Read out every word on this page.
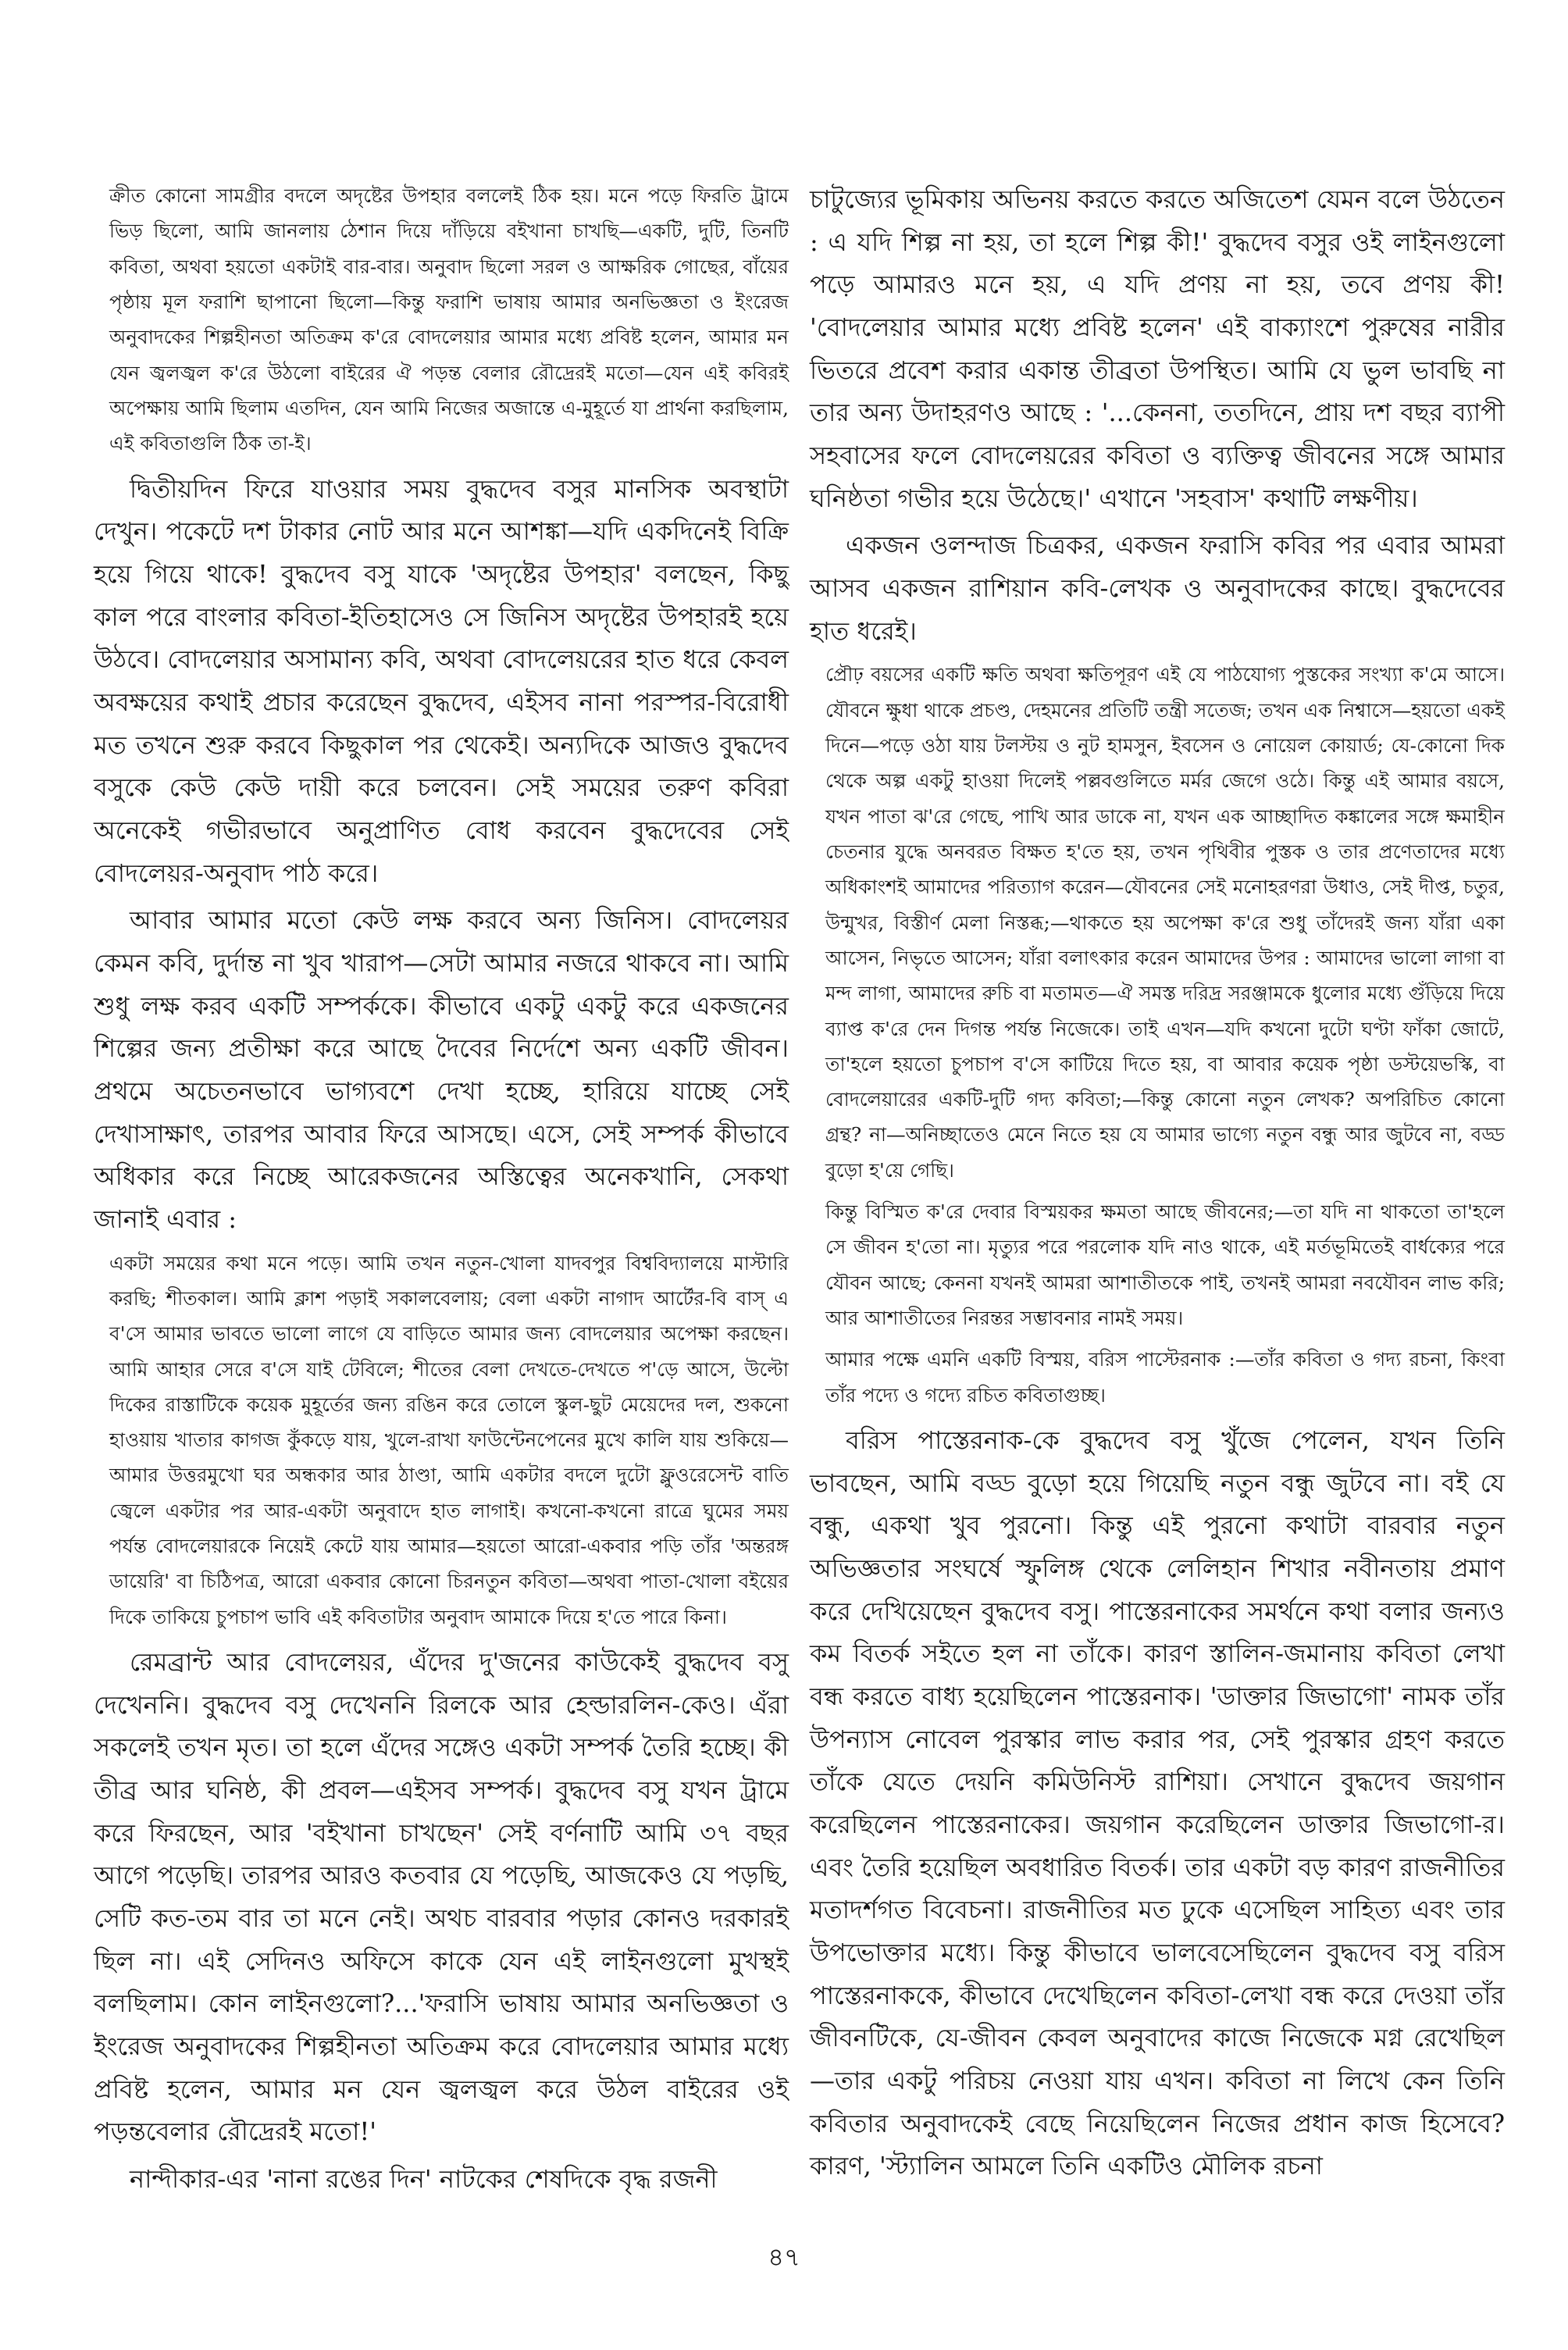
ক্রীত কোনো সামগ্রীর বদলে অদৃষ্টের উপহার বললেই ঠিক হয়। মনে পড়ে ফিরতি ট্রামে ভিড় ছিলো, আমি জানলায় ঠেশান দিয়ে দাঁড়িয়ে বইখানা চাখছি—একটি, দুটি, তিনটি কবিতা, অথবা হয়তো একটাই বার-বার। অনুবাদ ছিলো সরল ও আক্ষরিক গোছের, বাঁয়ের পৃষ্ঠায় মূল ফরাশি ছাপানো ছিলো—কিন্তু ফরাশি ভাষায় আমার অনভিজ্ঞতা ও ইংরেজ অনুবাদকের শিল্পহীনতা অতিক্রম ক'রে বোদলেয়ার আমার মধ্যে প্রবিষ্ট হলেন, আমার মন যেন জ্বলজ্বল ক'রে উঠলো বাইরের ঐ পড়ন্ত বেলার রৌদ্রেরই মতো—যেন এই কবিরই অপেক্ষায় আমি ছিলাম এতদিন, যেন আমি নিজের অজান্তে এ-মুহূর্তে যা প্রার্থনা করছিলাম, এই কবিতাগুলি ঠিক তা-ই।

দ্বিতীয়দিন ফিরে যাওয়ার সময় বুদ্ধদেব বসুর মানসিক অবস্থাটা দেখুন। পকেটে দশ টাকার নোট আর মনে আশঙ্কা—যদি একদিনেই বিক্রি হয়ে গিয়ে থাকে! বুদ্ধদেব বসু যাকে 'অদৃষ্টের উপহার' বলছেন, কিছু কাল পরে বাংলার কবিতা-ইতিহাসেও সে জিনিস অদৃষ্টের উপহারই হয়ে উঠবে। বোদলেয়ার অসামান্য কবি, অথবা বোদলেয়রের হাত ধরে কেবল অবক্ষয়ের কথাই প্রচার করেছেন বুদ্ধদেব, এইসব নানা পরস্পর-বিরোধী মত তখনে শুরু করবে কিছুকাল পর থেকেই। অন্যদিকে আজও বুদ্ধদেব বসুকে কেউ কেউ দায়ী করে চলবেন। সেই সময়ের তরুণ কবিরা অনেকেই গভীরভাবে অনুপ্রাণিত বোধ করবেন বুদ্ধদেবের সেই বোদলেয়র-অনুবাদ পাঠ করে।

আবার আমার মতো কেউ লক্ষ করবে অন্য জিনিস। বোদলেয়র কেমন কবি, দুর্দান্ত না খুব খারাপ—সেটা আমার নজরে থাকবে না। আমি শুধু লক্ষ করব একটি সম্পর্ককে। কীভাবে একটু একটু করে একজনের শিল্পের জন্য প্রতীক্ষা করে আছে দৈবের নির্দেশে অন্য একটি জীবন। প্রথমে অচেতনভাবে ভাগ্যবশে দেখা হচ্ছে, হারিয়ে যাচ্ছে সেই দেখাসাক্ষাৎ, তারপর আবার ফিরে আসছে। এসে, সেই সম্পর্ক কীভাবে অধিকার করে নিচ্ছে আরেকজনের অস্তিত্বের অনেকখানি, সেকথা জানাই এবার :

একটা সময়ের কথা মনে পড়ে। আমি তখন নতুন-খোলা যাদবপুর বিশ্ববিদ্যালয়ে মাস্টারি করছি; শীতকাল। আমি ক্লাশ পড়াই সকালবেলায়; বেলা একটা নাগাদ আর্টের-বি বাস্ এ ব'সে আমার ভাবতে ভালো লাগে যে বাড়িতে আমার জন্য বোদলেয়ার অপেক্ষা করছেন। আমি আহার সেরে ব'সে যাই টেবিলে; শীতের বেলা দেখতে-দেখতে প'ড়ে আসে, উল্টো দিকের রাস্তাটিকে কয়েক মুহূর্তের জন্য রঙিন করে তোলে স্কুল-ছুট মেয়েদের দল, শুকনো হাওয়ায় খাতার কাগজ কুঁকড়ে যায়, খুলে-রাখা ফাউন্টেনপেনের মুখে কালি যায় শুকিয়ে—আমার উত্তরমুখো ঘর অন্ধকার আর ঠাণ্ডা, আমি একটার বদলে দুটো ফ্লুওরেসেন্ট বাতি জ্বেলে একটার পর আর-একটা অনুবাদে হাত লাগাই। কখনো-কখনো রাত্রে ঘুমের সময় পর্যন্ত বোদলেয়ারকে নিয়েই কেটে যায় আমার—হয়তো আরো-একবার পড়ি তাঁর 'অন্তরঙ্গ ডায়েরি' বা চিঠিপত্র, আরো একবার কোনো চিরনতুন কবিতা—অথবা পাতা-খোলা বইয়ের দিকে তাকিয়ে চুপচাপ ভাবি এই কবিতাটার অনুবাদ আমাকে দিয়ে হ'তে পারে কিনা।

রেমব্রান্ট আর বোদলেয়র, এঁদের দু'জনের কাউকেই বুদ্ধদেব বসু দেখেননি। বুদ্ধদেব বসু দেখেননি রিলকে আর হেল্ডারলিন-কেও। এঁরা সকলেই তখন মৃত। তা হলে এঁদের সঙ্গেও একটা সম্পর্ক তৈরি হচ্ছে। কী তীব্র আর ঘনিষ্ঠ, কী প্রবল—এইসব সম্পর্ক। বুদ্ধদেব বসু যখন ট্রামে করে ফিরছেন, আর 'বইখানা চাখছেন' সেই বর্ণনাটি আমি ৩৭ বছর আগে পড়েছি। তারপর আরও কতবার যে পড়েছি, আজকেও যে পড়ছি, সেটি কত-তম বার তা মনে নেই। অথচ বারবার পড়ার কোনও দরকারই ছিল না। এই সেদিনও অফিসে কাকে যেন এই লাইনগুলো মুখস্থই বলছিলাম। কোন লাইনগুলো?...'ফরাসি ভাষায় আমার অনভিজ্ঞতা ও ইংরেজ অনুবাদকের শিল্পহীনতা অতিক্রম করে বোদলেয়ার আমার মধ্যে প্রবিষ্ট হলেন, আমার মন যেন জ্বলজ্বল করে উঠল বাইরের ওই পড়ন্তবেলার রৌদ্রেরই মতো!'

নান্দীকার-এর 'নানা রঙের দিন' নাটকের শেষদিকে বৃদ্ধ রজনী

চাটুজ্যের ভূমিকায় অভিনয় করতে করতে অজিতেশ যেমন বলে উঠতেন : এ যদি শিল্প না হয়, তা হলে শিল্প কী!' বুদ্ধদেব বসুর ওই লাইনগুলো পড়ে আমারও মনে হয়, এ যদি প্রণয় না হয়, তবে প্রণয় কী! 'বোদলেয়ার আমার মধ্যে প্রবিষ্ট হলেন' এই বাক্যাংশে পুরুষের নারীর ভিতরে প্রবেশ করার একান্ত তীব্রতা উপস্থিত। আমি যে ভুল ভাবছি না তার অন্য উদাহরণও আছে : '...কেননা, ততদিনে, প্রায় দশ বছর ব্যাপী সহবাসের ফলে বোদলেয়রের কবিতা ও ব্যক্তিত্ব জীবনের সঙ্গে আমার ঘনিষ্ঠতা গভীর হয়ে উঠেছে।' এখানে 'সহবাস' কথাটি লক্ষণীয়।

একজন ওলন্দাজ চিত্রকর, একজন ফরাসি কবির পর এবার আমরা আসব একজন রাশিয়ান কবি-লেখক ও অনুবাদকের কাছে। বুদ্ধদেবের হাত ধরেই।

প্রৌঢ় বয়সের একটি ক্ষতি অথবা ক্ষতিপূরণ এই যে পাঠযোগ্য পুস্তকের সংখ্যা ক'মে আসে। যৌবনে ক্ষুধা থাকে প্রচণ্ড, দেহমনের প্রতিটি তন্ত্রী সতেজ; তখন এক নিশ্বাসে—হয়তো একই দিনে—পড়ে ওঠা যায় টলস্টয় ও নুট হামসুন, ইবসেন ও নোয়েল কোয়ার্ড; যে-কোনো দিক থেকে অল্প একটু হাওয়া দিলেই পল্লবগুলিতে মর্মর জেগে ওঠে। কিন্তু এই আমার বয়সে, যখন পাতা ঝ'রে গেছে, পাখি আর ডাকে না, যখন এক আচ্ছাদিত কঙ্কালের সঙ্গে ক্ষমাহীন চেতনার যুদ্ধে অনবরত বিক্ষত হ'তে হয়, তখন পৃথিবীর পুস্তক ও তার প্রণেতাদের মধ্যে অধিকাংশই আমাদের পরিত্যাগ করেন—যৌবনের সেই মনোহরণরা উধাও, সেই দীপ্ত, চতুর, উন্মুখর, বিস্তীর্ণ মেলা নিস্তব্ধ;—থাকতে হয় অপেক্ষা ক'রে শুধু তাঁদেরই জন্য যাঁরা একা আসেন, নিভৃতে আসেন; যাঁরা বলাৎকার করেন আমাদের উপর : আমাদের ভালো লাগা বা মন্দ লাগা, আমাদের রুচি বা মতামত—ঐ সমস্ত দরিদ্র সরঞ্জামকে ধুলোর মধ্যে গুঁড়িয়ে দিয়ে ব্যাপ্ত ক'রে দেন দিগন্ত পর্যন্ত নিজেকে। তাই এখন—যদি কখনো দুটো ঘণ্টা ফাঁকা জোটে, তা'হলে হয়তো চুপচাপ ব'সে কাটিয়ে দিতে হয়, বা আবার কয়েক পৃষ্ঠা ডস্টয়েভস্কি, বা বোদলেয়ারের একটি-দুটি গদ্য কবিতা;—কিন্তু কোনো নতুন লেখক? অপরিচিত কোনো গ্রন্থ? না—অনিচ্ছাতেও মেনে নিতে হয় যে আমার ভাগ্যে নতুন বন্ধু আর জুটবে না, বড্ড বুড়ো হ'য়ে গেছি।

কিন্তু বিস্মিত ক'রে দেবার বিস্ময়কর ক্ষমতা আছে জীবনের;—তা যদি না থাকতো তা'হলে সে জীবন হ'তো না। মৃত্যুর পরে পরলোক যদি নাও থাকে, এই মর্তভূমিতেই বার্ধক্যের পরে যৌবন আছে; কেননা যখনই আমরা আশাতীতকে পাই, তখনই আমরা নবযৌবন লাভ করি; আর আশাতীতের নিরন্তর সম্ভাবনার নামই সময়।

আমার পক্ষে এমনি একটি বিস্ময়, বরিস পাস্টেরনাক :—তাঁর কবিতা ও গদ্য রচনা, কিংবা তাঁর পদ্যে ও গদ্যে রচিত কবিতাগুচ্ছ।

বরিস পাস্তেরনাক-কে বুদ্ধদেব বসু খুঁজে পেলেন, যখন তিনি ভাবছেন, আমি বড্ড বুড়ো হয়ে গিয়েছি নতুন বন্ধু জুটবে না। বই যে বন্ধু, একথা খুব পুরনো। কিন্তু এই পুরনো কথাটা বারবার নতুন অভিজ্ঞতার সংঘর্ষে স্ফুলিঙ্গ থেকে লেলিহান শিখার নবীনতায় প্রমাণ করে দেখিয়েছেন বুদ্ধদেব বসু। পাস্তেরনাকের সমর্থনে কথা বলার জন্যও কম বিতর্ক সইতে হল না তাঁকে। কারণ স্তালিন-জমানায় কবিতা লেখা বন্ধ করতে বাধ্য হয়েছিলেন পাস্তেরনাক। 'ডাক্তার জিভাগো' নামক তাঁর উপন্যাস নোবেল পুরস্কার লাভ করার পর, সেই পুরস্কার গ্রহণ করতে তাঁকে যেতে দেয়নি কমিউনিস্ট রাশিয়া। সেখানে বুদ্ধদেব জয়গান করেছিলেন পাস্তেরনাকের। জয়গান করেছিলেন ডাক্তার জিভাগো-র। এবং তৈরি হয়েছিল অবধারিত বিতর্ক। তার একটা বড় কারণ রাজনীতির মতাদর্শগত বিবেচনা। রাজনীতির মত ঢুকে এসেছিল সাহিত্য এবং তার উপভোক্তার মধ্যে। কিন্তু কীভাবে ভালবেসেছিলেন বুদ্ধদেব বসু বরিস পাস্তেরনাককে, কীভাবে দেখেছিলেন কবিতা-লেখা বন্ধ করে দেওয়া তাঁর জীবনটিকে, যে-জীবন কেবল অনুবাদের কাজে নিজেকে মগ্ন রেখেছিল—তার একটু পরিচয় নেওয়া যায় এখন। কবিতা না লিখে কেন তিনি কবিতার অনুবাদকেই বেছে নিয়েছিলেন নিজের প্রধান কাজ হিসেবে? কারণ, 'স্ট্যালিন আমলে তিনি একটিও মৌলিক রচনা

৪৭
